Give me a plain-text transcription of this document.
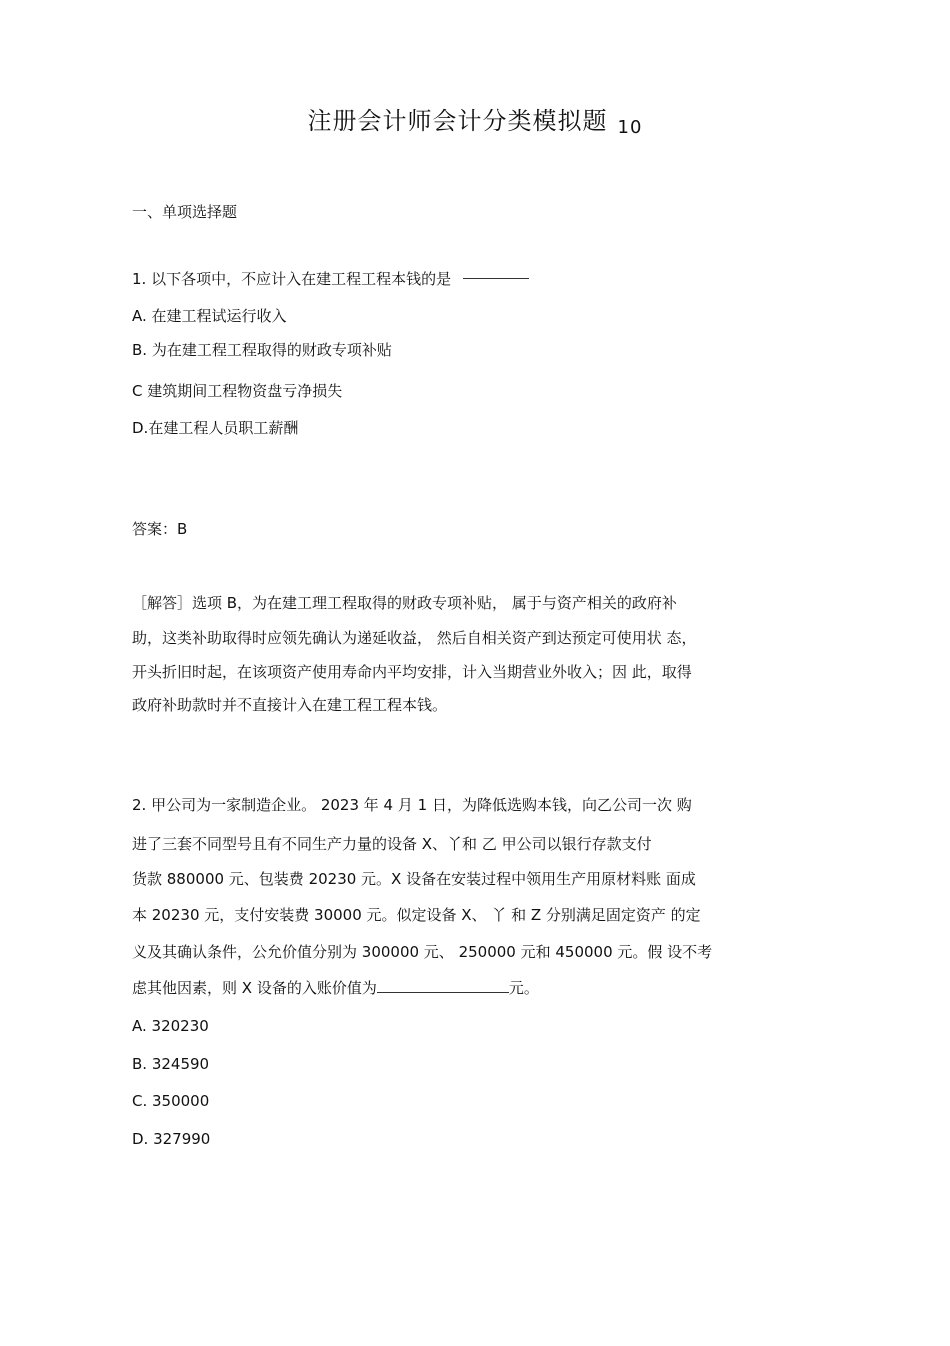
注册会计师会计分类模拟题 10
一、单项选择题
1. 以下各项中，不应计入在建工程工程本钱的是
A. 在建工程试运行收入
B. 为在建工程工程取得的财政专项补贴
C 建筑期间工程物资盘亏净损失
D.在建工程人员职工薪酬
答案：B
［解答］选项 B，为在建工理工程取得的财政专项补贴， 属于与资产相关的政府补
助，这类补助取得时应领先确认为递延收益， 然后自相关资产到达预定可使用状 态，
开头折旧时起，在该项资产使用寿命内平均安排，计入当期营业外收入；因 此，取得
政府补助款时并不直接计入在建工程工程本钱。
2. 甲公司为一家制造企业。 2023 年 4 月 1 日，为降低选购本钱，向乙公司一次 购
进了三套不同型号且有不同生产力量的设备 X、丫和 乙 甲公司以银行存款支付
货款 880000 元、包装费 20230 元。X 设备在安装过程中领用生产用原材料账 面成
本 20230 元，支付安装费 30000 元。似定设备 X、 丫 和 Z 分别满足固定资产 的定
义及其确认条件，公允价值分别为 300000 元、 250000 元和 450000 元。假 设不考
虑其他因素，则 X 设备的入账价值为	元。
A. 320230
B. 324590
C. 350000
D. 327990
